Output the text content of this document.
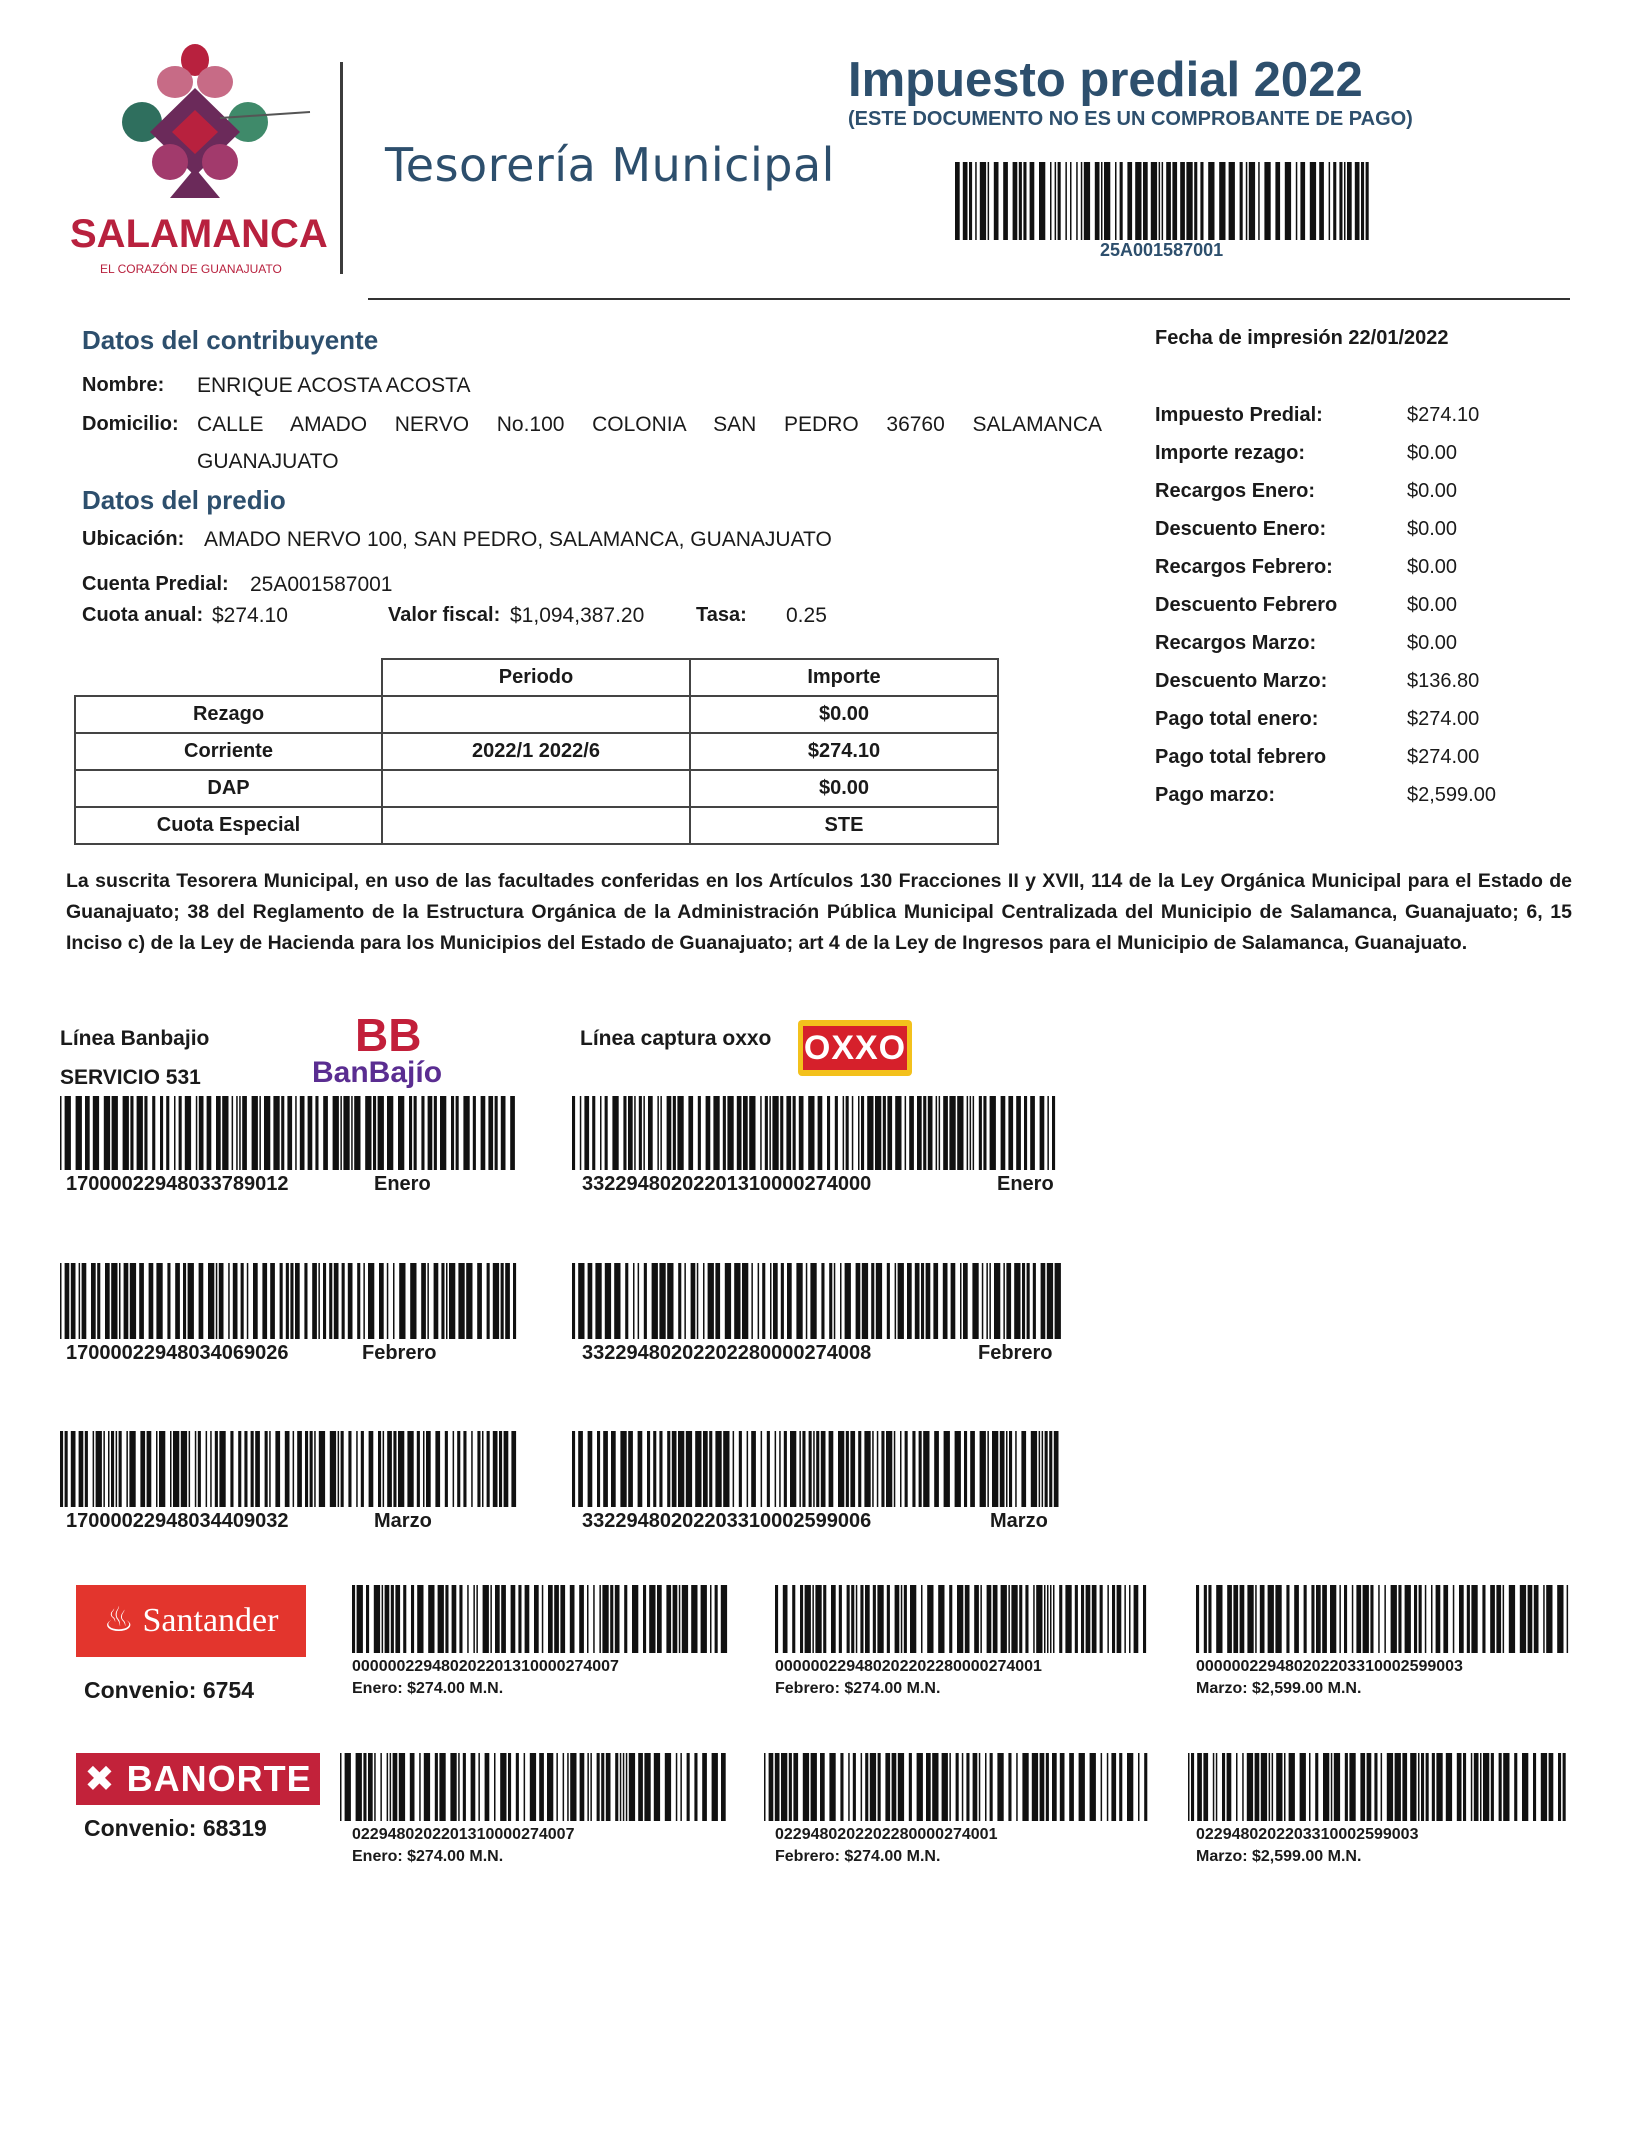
SALAMANCA
EL CORAZÓN DE GUANAJUATO
Tesorería Municipal
Impuesto predial 2022
(ESTE DOCUMENTO NO ES UN COMPROBANTE DE PAGO)
25A001587001
Datos del contribuyente
Nombre: ENRIQUE ACOSTA ACOSTA
Domicilio: CALLE AMADO NERVO No.100 COLONIA SAN PEDRO 36760 SALAMANCA
GUANAJUATO
Datos del predio
Ubicación: AMADO NERVO 100, SAN PEDRO, SALAMANCA, GUANAJUATO
Cuenta Predial: 25A001587001
Cuota anual: $274.10	Valor fiscal: $1,094,387.20	Tasa: 0.25
	Periodo	Importe
Rezago		$0.00
Corriente	2022/1 2022/6	$274.10
DAP		$0.00
Cuota Especial		STE
Fecha de impresión 22/01/2022
Impuesto Predial:	$274.10
Importe rezago:	$0.00
Recargos Enero:	$0.00
Descuento Enero:	$0.00
Recargos Febrero:	$0.00
Descuento Febrero	$0.00
Recargos Marzo:	$0.00
Descuento Marzo:	$136.80
Pago total enero:	$274.00
Pago total febrero	$274.00
Pago marzo:	$2,599.00
La suscrita Tesorera Municipal, en uso de las facultades conferidas en los Artículos 130 Fracciones II y XVII, 114 de la Ley Orgánica Municipal para el Estado de Guanajuato; 38 del Reglamento de la Estructura Orgánica de la Administración Pública Municipal Centralizada del Municipio de Salamanca, Guanajuato; 6, 15 Inciso c) de la Ley de Hacienda para los Municipios del Estado de Guanajuato; art 4 de la Ley de Ingresos para el Municipio de Salamanca, Guanajuato.
Línea Banbajio
SERVICIO 531
BB
BanBajío
Línea captura oxxo OXXO
17000022948033789012	Enero
17000022948034069026	Febrero
17000022948034409032	Marzo
33229480202201310000274000	Enero
33229480202202280000274008	Febrero
33229480202203310002599006	Marzo
♨ Santander
Convenio: 6754
000000229480202201310000274007
Enero: $274.00 M.N.
000000229480202202280000274001
Febrero: $274.00 M.N.
000000229480202203310002599003
Marzo: $2,599.00 M.N.
✖ BANORTE
Convenio: 68319	0229480202201310000274007
Enero: $274.00 M.N.
0229480202202280000274001
Febrero: $274.00 M.N.
0229480202203310002599003
Marzo: $2,599.00 M.N.
